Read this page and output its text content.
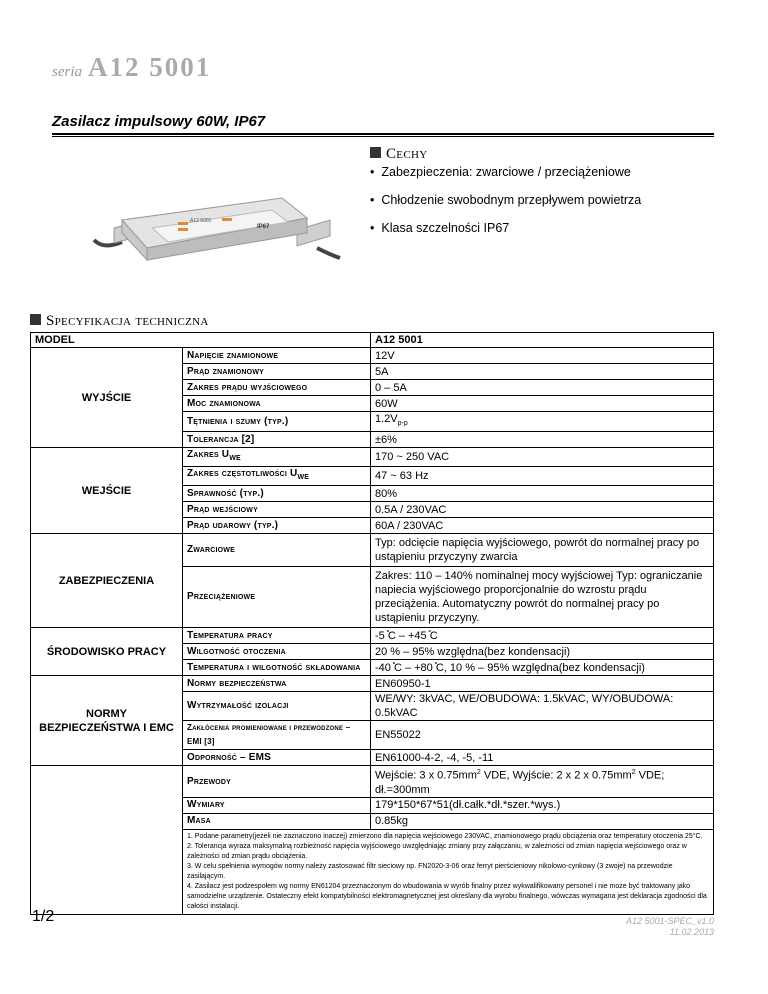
seria A12 5001
Zasilacz impulsowy 60W, IP67
Cechy
• Zabezpieczenia: zwarciowe / przeciążeniowe
• Chłodzenie swobodnym przepływem powietrza
• Klasa szczelności IP67
A12 5001
IP67
Specyfikacja techniczna
MODEL		A12 5001
WYJŚCIE	Napięcie znamionowe	12V
	Prąd znamionowy	5A
	Zakres prądu wyjściowego	0 – 5A
	Moc znamionowa	60W
	Tętnienia i szumy (typ.)	$1.2V_{p-p}$
	Tolerancja [2]	±6%
WEJŚCIE	Zakres $U_{WE}$	170 ~ 250 VAC
	Zakres częstotliwości $U_{WE}$	47 ~ 63 Hz
	Sprawność (typ.)	80%
	Prąd wejściowy	0.5A / 230VAC
	Prąd udarowy (typ.)	60A / 230VAC
ZABEZPIECZENIA	Zwarciowe	Typ: odcięcie napięcia wyjściowego, powrót do normalnej pracy po ustąpieniu przyczyny zwarcia
	Przeciążeniowe	Zakres: 110 – 140% nominalnej mocy wyjściowej Typ: ograniczanie napiecia wyjściowego proporcjonalnie do wzrostu prądu przeciążenia. Automatyczny powrót do normalnej pracy po ustąpieniu przyczyny.
ŚRODOWISKO PRACY	Temperatura pracy	-5 ̊C – +45 ̊C
	Wilgotność otoczenia	20 % – 95% względna(bez kondensacji)
	Temperatura i wilgotność składowania	-40 ̊C – +80 ̊C, 10 % – 95% względna(bez kondensacji)
NORMY BEZPIECZEŃSTWA I EMC	Normy bezpieczeństwa	EN60950-1
	Wytrzymałość izolacji	WE/WY: 3kVAC, WE/OBUDOWA: 1.5kVAC, WY/OBUDOWA: 0.5kVAC
	Zakłócenia promieniowane i przewodzone – EMI [3]	EN55022
	Odporność – EMS	EN61000-4-2, -4, -5, -11
	Przewody	Wejście: 3 x $0.75mm^2$ VDE, Wyjście: 2 x 2 x $0.75mm^2$ VDE; dł.=300mm
	Wymiary	179*150*67*51(dł.całk.*dł.*szer.*wys.)
	Masa	0.85kg

	1. Podane parametry(jeżeli nie zaznaczono inaczej) zmierzono dla napięcia wejściowego 230VAC, znamionowego prądu obciążenia oraz temperatury otoczenia 25°C.
2. Tolerancja wyraża maksymalną rozbieżność napięcia wyjściowego uwzględniając zmiany przy załączaniu, w zależności od zmian napięcia wejściowego oraz w zależności od zmian prądu obciążenia.
3. W celu spełnienia wymogów normy należy zastosować filtr sieciowy np. FN2020-3-06 oraz ferryt pierścieniowy nikolowo-cynkowy (3 zwoje) na przewodzie zasilającym.
4. Zasilacz jest podzespołem wg normy EN61204 przeznaczonym do wbudowania w wyrób finalny przez wykwalifikowany personel i nie może być traktowany jako samodzielne urządzenie. Ostateczny efekt kompatybilności elektromagnetycznej jest określany dla wyrobu finalnego, wówczas wymagana jest deklaracja zgodności dla całości instalacji.	
1/2	A12 5001-SPEC_v1.0
11.02.2013
